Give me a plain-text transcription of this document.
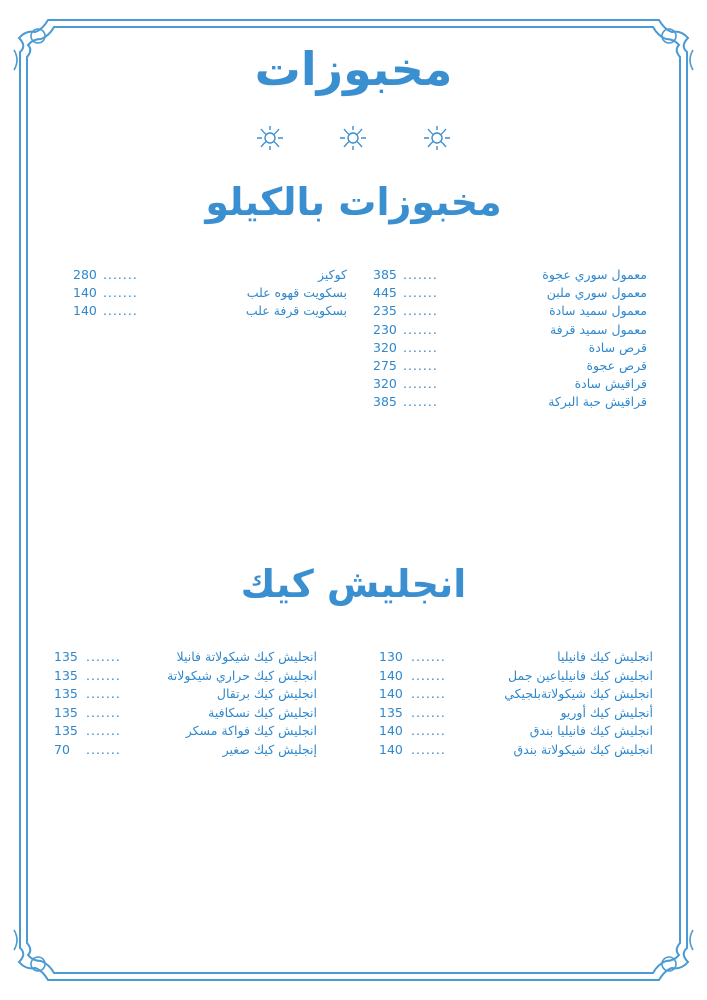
مخبوزات
مخبوزات بالكيلو
معمول سوري عجوة
.......
385
معمول سوري ملبن
.......
445
معمول سميد سادة
.......
235
معمول سميد قرفة
.......
230
قرص سادة
.......
320
قرص عجوة
.......
275
قراقيش سادة
.......
320
قراقيش حبة البركة
.......
385
كوكيز
.......
280
بسكويت قهوه علب
.......
140
بسكويت قرفة علب
.......
140
انجليش كيك
انجليش كيك فانيليا
.......
130
انجليش كيك فانيلياعين جمل
.......
140
انجليش كيك شيكولاتةبلجيكي
.......
140
أنجليش كيك أوريو
.......
135
انجليش كيك فانيليا بندق
.......
140
انجليش كيك شيكولاتة بندق
.......
140
انجليش كيك شيكولاتة فانيلا
.......
135
انجليش كيك حراري شيكولاتة
.......
135
انجليش كيك برتقال
.......
135
انجليش كيك نسكافية
.......
135
انجليش كيك فواكة مسكر
.......
135
إنجليش كيك صغير
.......
70
